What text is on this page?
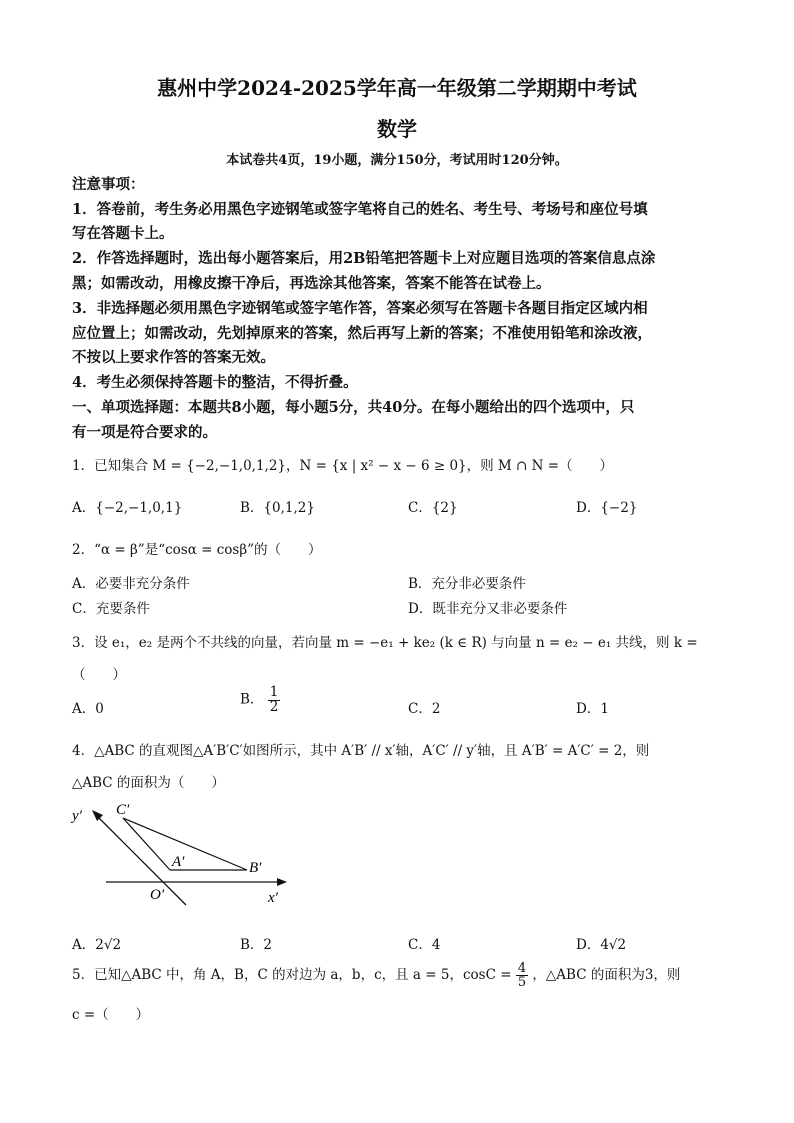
惠州中学2024-2025学年高一年级第二学期期中考试
数学
本试卷共4页，19小题，满分150分，考试用时120分钟。
注意事项：
1．答卷前，考生务必用黑色字迹钢笔或签字笔将自己的姓名、考生号、考场号和座位号填
写在答题卡上。
2．作答选择题时，选出每小题答案后，用2B铅笔把答题卡上对应题目选项的答案信息点涂
黑；如需改动，用橡皮擦干净后，再选涂其他答案，答案不能答在试卷上。
3．非选择题必须用黑色字迹钢笔或签字笔作答，答案必须写在答题卡各题目指定区域内相
应位置上；如需改动，先划掉原来的答案，然后再写上新的答案；不准使用铅笔和涂改液，
不按以上要求作答的答案无效。
4．考生必须保持答题卡的整洁，不得折叠。
一、单项选择题：本题共8小题，每小题5分，共40分。在每小题给出的四个选项中，只
有一项是符合要求的。
1．已知集合 M = {−2,−1,0,1,2}，N = {x | x² − x − 6 ≥ 0}，则 M ∩ N =（　　）
A．{−2,−1,0,1}	B．{0,1,2}	C．{2}	D．{−2}
2．“α = β”是“cosα = cosβ”的（　　）
A．必要非充分条件	B．充分非必要条件
C．充要条件	D．既非充分又非必要条件
3．设 e₁，e₂ 是两个不共线的向量，若向量 m = −e₁ + ke₂ (k ∈ R) 与向量 n = e₂ − e₁ 共线，则 k =
（　　）
A．0
B． $\frac{1}{2}$	C．2	D．1
4．△ABC 的直观图△A′B′C′如图所示，其中 A′B′ // x′轴，A′C′ // y′轴，且 A′B′ = A′C′ = 2，则
△ABC 的面积为（　　）
y′
x′
C′
A′	B′
O′
A．2√2	B．2	C．4	D．4√2
5．已知△ABC 中，角 A，B，C 的对边为 a，b，c，且 a = 5，$\cos C = \frac{4}{5}$ ，△ABC 的面积为3，则
c =（　　）
